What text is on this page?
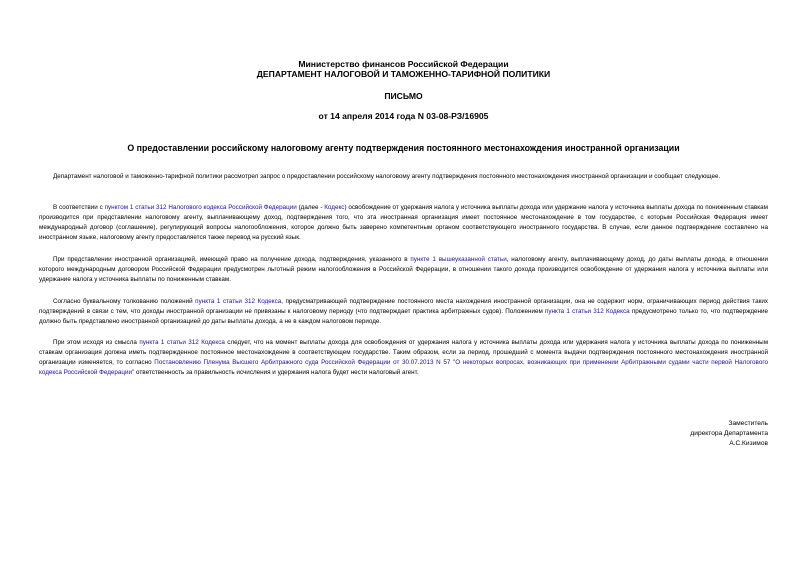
Министерство финансов Российской Федерации
ДЕПАРТАМЕНТ НАЛОГОВОЙ И ТАМОЖЕННО-ТАРИФНОЙ ПОЛИТИКИ
ПИСЬМО
от 14 апреля 2014 года N 03-08-РЗ/16905
О предоставлении российскому налоговому агенту подтверждения постоянного местонахождения иностранной организации

Департамент налоговой и таможенно-тарифной политики рассмотрел запрос о предоставлении российскому налоговому агенту подтверждения постоянного местонахождения иностранной организации и сообщает следующее.

В соответствии с пунктом 1 статьи 312 Налогового кодекса Российской Федерации (далее - Кодекс) освобождение от удержания налога у источника выплаты дохода или удержание налога у источника выплаты дохода по пониженным ставкам производится при представлении налоговому агенту, выплачивающему доход, подтверждения того, что эта иностранная организация имеет постоянное местонахождение в том государстве, с которым Российская Федерация имеет международный договор (соглашение), регулирующий вопросы налогообложения, которое должно быть заверено компетентным органом соответствующего иностранного государства. В случае, если данное подтверждение составлено на иностранном языке, налоговому агенту предоставляется также перевод на русский язык.

При представлении иностранной организацией, имеющей право на получение дохода, подтверждения, указанного в пункте 1 вышеуказанной статьи, налоговому агенту, выплачивающему доход, до даты выплаты дохода, в отношении которого международным договором Российской Федерации предусмотрен льготный режим налогообложения в Российской Федерации, в отношении такого дохода производится освобождение от удержания налога у источника выплаты или удержание налога у источника выплаты по пониженным ставкам.

Согласно буквальному толкованию положений пункта 1 статьи 312 Кодекса, предусматривающей подтверждение постоянного места нахождения иностранной организации, она не содержит норм, ограничивающих период действия таких подтверждений в связи с тем, что доходы иностранной организации не привязаны к налоговому периоду (что подтверждает практика арбитражных судов). Положением пункта 1 статьи 312 Кодекса предусмотрено только то, что подтверждение должно быть представлено иностранной организацией до даты выплаты дохода, а не в каждом налоговом периоде.

При этом исходя из смысла пункта 1 статьи 312 Кодекса следует, что на момент выплаты дохода для освобождения от удержания налога у источника выплаты дохода или удержания налога у источника выплаты дохода по пониженным ставкам организация должна иметь подтвержденное постоянное местонахождение в соответствующем государстве. Таким образом, если за период, прошедший с момента выдачи подтверждения постоянного местонахождения иностранной организации изменяется, то согласно Постановлению Пленума Высшего Арбитражного суда Российской Федерации от 30.07.2013 N 57 "О некоторых вопросах, возникающих при применении Арбитражными судами части первой Налогового кодекса Российской Федерации" ответственность за правильность исчисления и удержания налога будет нести налоговый агент.

Заместитель
директора Департамента
А.С.Кизимов
